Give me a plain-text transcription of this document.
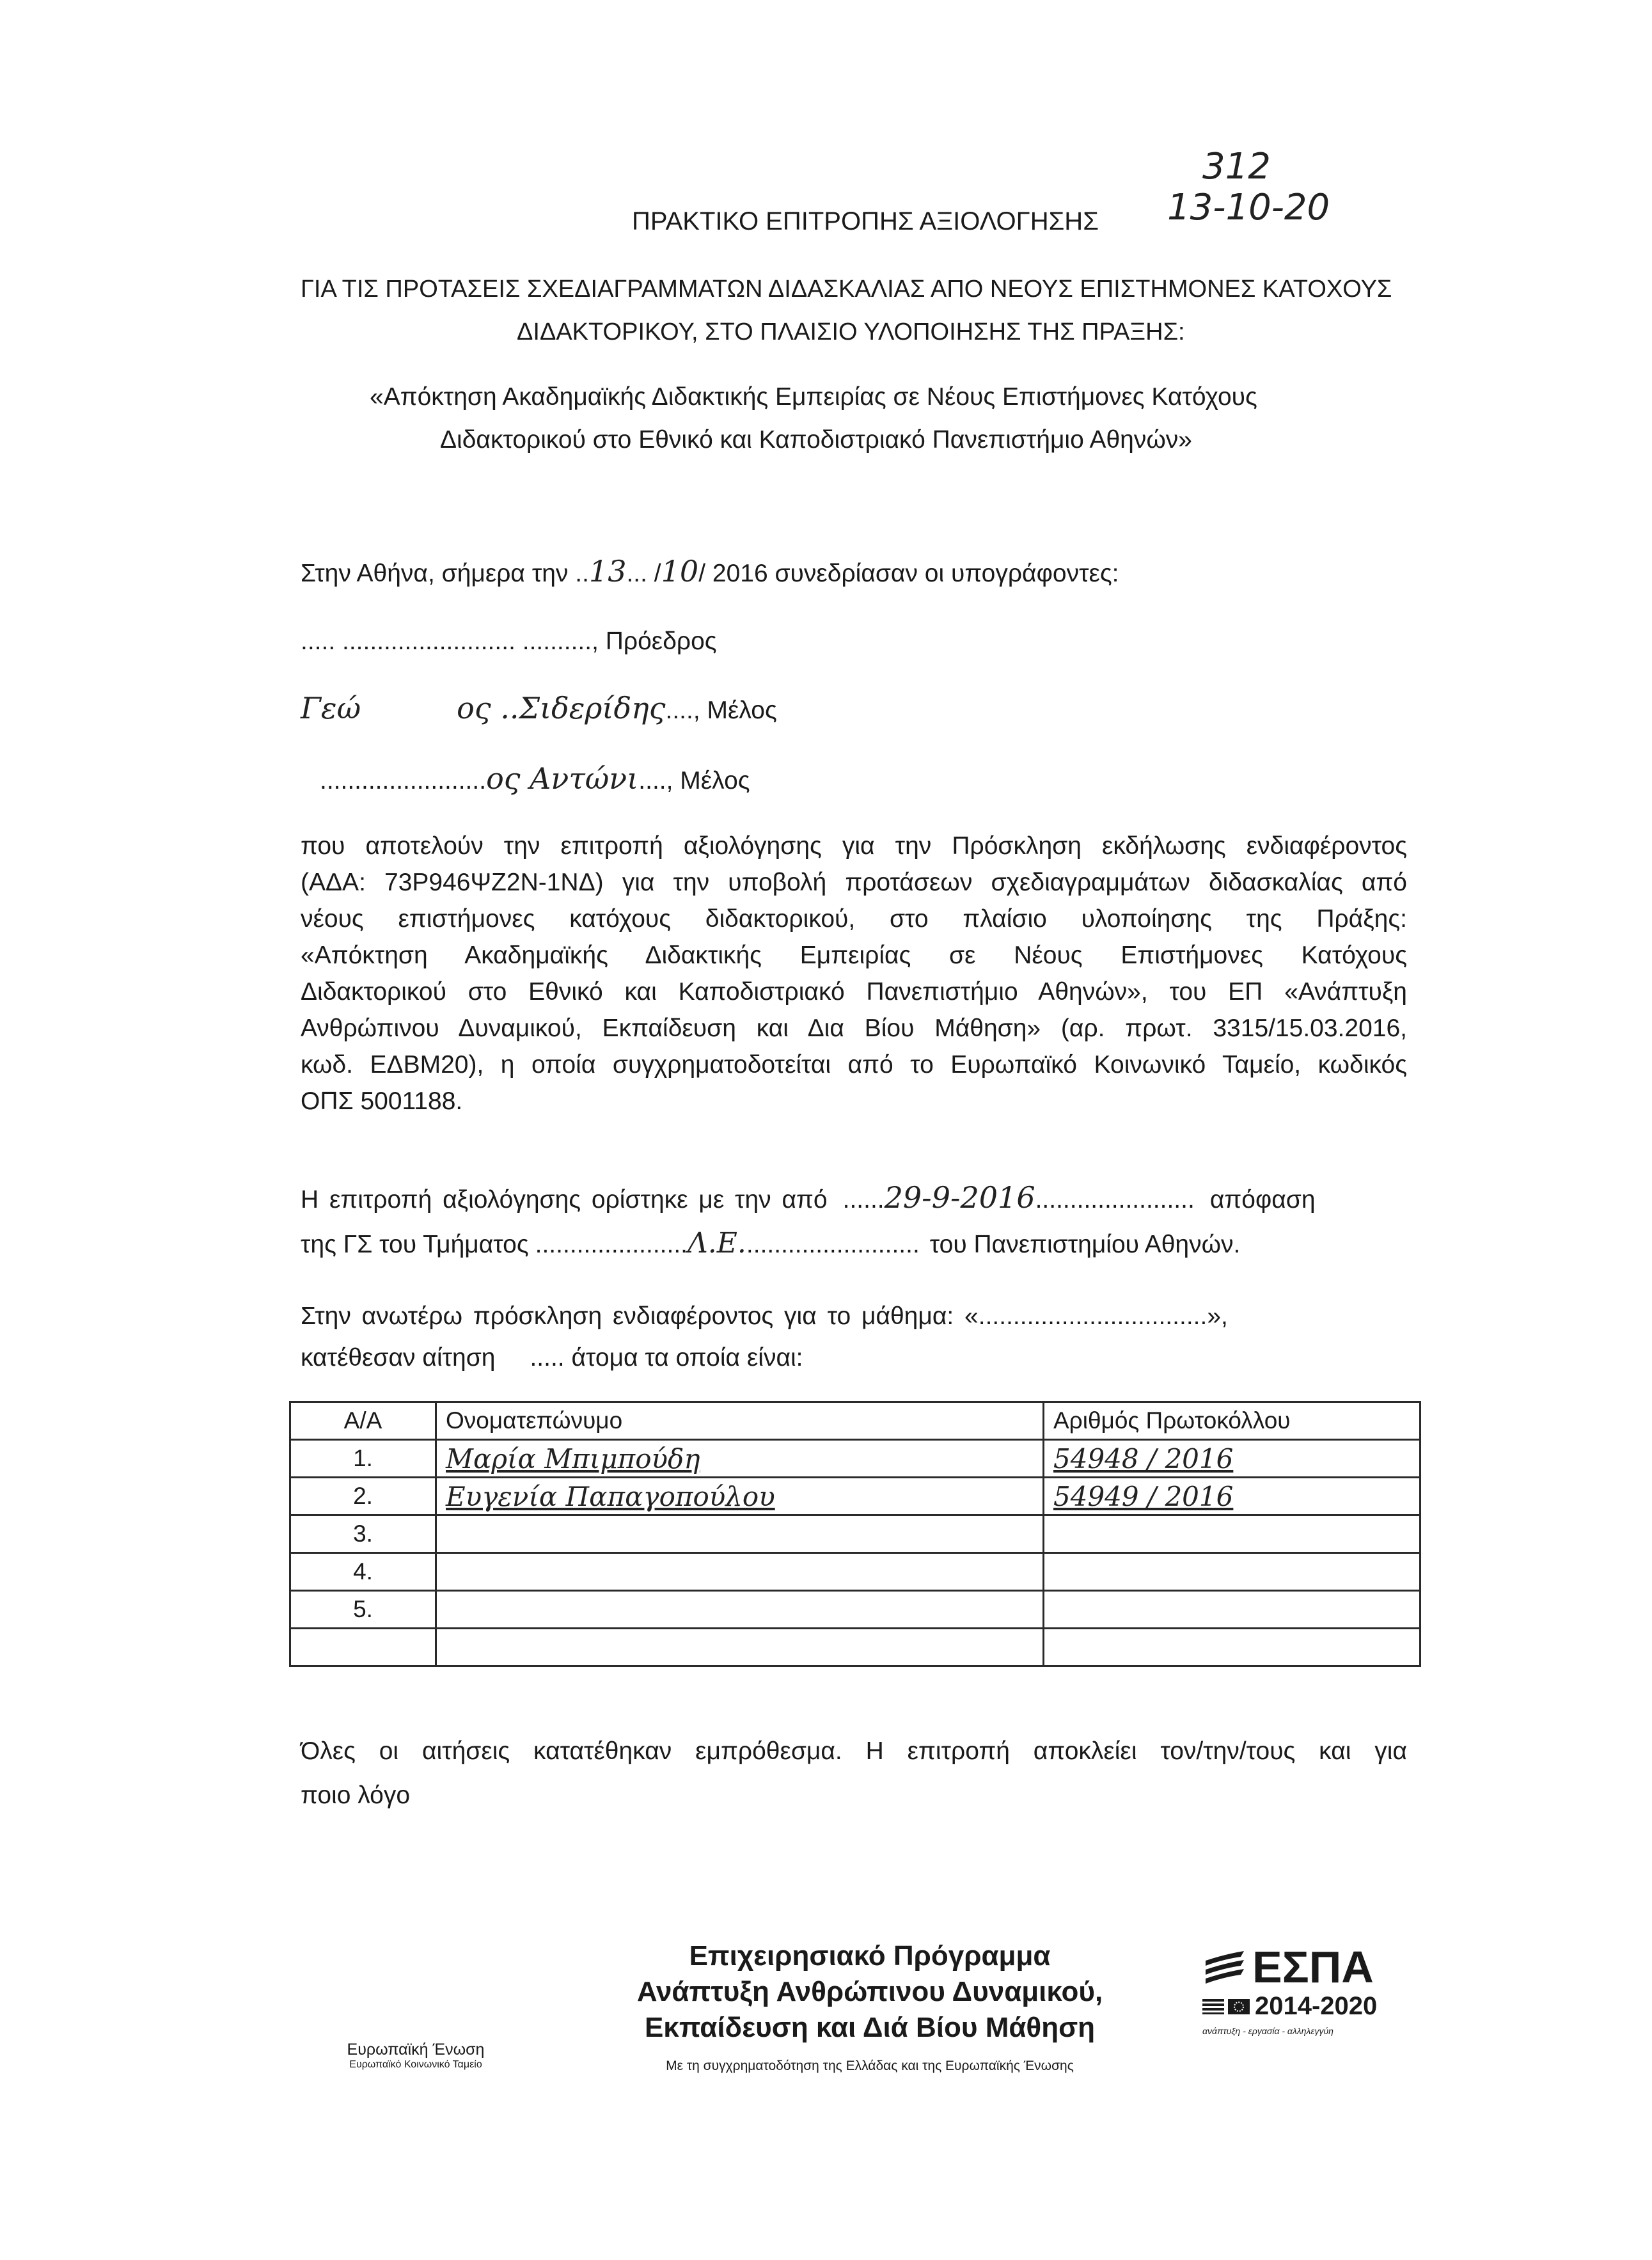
ΠΡΑΚΤΙΚΟ ΕΠΙΤΡΟΠΗΣ ΑΞΙΟΛΟΓΗΣΗΣ
312
13-10-20
ΓΙΑ ΤΙΣ ΠΡΟΤΑΣΕΙΣ ΣΧΕΔΙΑΓΡΑΜΜΑΤΩΝ ΔΙΔΑΣΚΑΛΙΑΣ ΑΠΟ ΝΕΟΥΣ ΕΠΙΣΤΗΜΟΝΕΣ ΚΑΤΟΧΟΥΣ
ΔΙΔΑΚΤΟΡΙΚΟΥ, ΣΤΟ ΠΛΑΙΣΙΟ ΥΛΟΠΟΙΗΣΗΣ ΤΗΣ ΠΡΑΞΗΣ:
«Απόκτηση Ακαδημαϊκής Διδακτικής Εμπειρίας σε Νέους Επιστήμονες Κατόχους
Διδακτορικού στο Εθνικό και Καποδιστριακό Πανεπιστήμιο Αθηνών»
Στην Αθήνα, σήμερα την ..13... /10/ 2016 συνεδρίασαν οι υπογράφοντες:
..... ......................... .........., Πρόεδρος
Γεώ	ος ..Σιδερίδης...., Μέλος
........................ος Αντώνι...., Μέλος

που αποτελούν την επιτροπή αξιολόγησης για την Πρόσκληση εκδήλωσης ενδιαφέροντος

(ΑΔΑ: 73Ρ946ΨΖ2Ν-1ΝΔ) για την υποβολή προτάσεων σχεδιαγραμμάτων διδασκαλίας από

νέους επιστήμονες κατόχους διδακτορικού, στο πλαίσιο υλοποίησης της Πράξης:

«Απόκτηση Ακαδημαϊκής Διδακτικής Εμπειρίας σε Νέους Επιστήμονες Κατόχους

Διδακτορικού στο Εθνικό και Καποδιστριακό Πανεπιστήμιο Αθηνών», του ΕΠ «Ανάπτυξη

Ανθρώπινου Δυναμικού, Εκπαίδευση και Δια Βίου Μάθηση» (αρ. πρωτ. 3315/15.03.2016,

κωδ. ΕΔΒΜ20), η οποία συγχρηματοδοτείται από το Ευρωπαϊκό Κοινωνικό Ταμείο, κωδικός

ΟΠΣ 5001188.

Η επιτροπή αξιολόγησης ορίστηκε με την από ......29-9-2016....................... απόφαση
της ΓΣ του Τμήματος ......................Λ.Ε.......................... του Πανεπιστημίου Αθηνών.
Στην ανωτέρω πρόσκληση ενδιαφέροντος για το μάθημα: «.................................»,
κατέθεσαν αίτηση ..... άτομα τα οποία είναι:
Α/Α	Ονοματεπώνυμο	Αριθμός Πρωτοκόλλου
1.	Μαρία Μπιμπούδη	54948 / 2016
2.	Ευγενία Παπαγοπούλου	54949 / 2016
3.		
4.		
5.		

Όλες οι αιτήσεις κατατέθηκαν εμπρόθεσμα. Η επιτροπή αποκλείει τον/την/τους και για
ποιο λόγο
Ευρωπαϊκή Ένωση
Ευρωπαϊκό Κοινωνικό Ταμείο
Επιχειρησιακό Πρόγραμμα
Ανάπτυξη Ανθρώπινου Δυναμικού,
Εκπαίδευση και Διά Βίου Μάθηση
Με τη συγχρηματοδότηση της Ελλάδας και της Ευρωπαϊκής Ένωσης
ΕΣΠΑ
2014-2020
ανάπτυξη - εργασία - αλληλεγγύη
